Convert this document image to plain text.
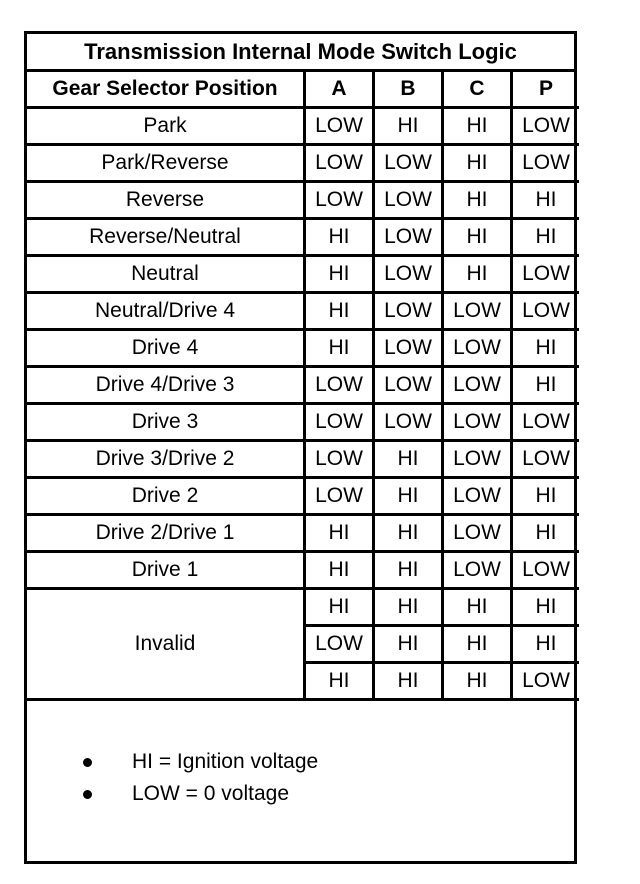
Transmission Internal Mode Switch Logic
Gear Selector Position	A	B	C	P
Park	LOW	HI	HI	LOW
Park/Reverse	LOW	LOW	HI	LOW
Reverse	LOW	LOW	HI	HI
Reverse/Neutral	HI	LOW	HI	HI
Neutral	HI	LOW	HI	LOW
Neutral/Drive 4	HI	LOW	LOW	LOW
Drive 4	HI	LOW	LOW	HI
Drive 4/Drive 3	LOW	LOW	LOW	HI
Drive 3	LOW	LOW	LOW	LOW
Drive 3/Drive 2	LOW	HI	LOW	LOW
Drive 2	LOW	HI	LOW	HI
Drive 2/Drive 1	HI	HI	LOW	HI
Drive 1	HI	HI	LOW	LOW
Invalid	HI	HI	HI	HI
	LOW	HI	HI	HI
	HI	HI	HI	LOW
HI = Ignition voltage
LOW = 0 voltage
